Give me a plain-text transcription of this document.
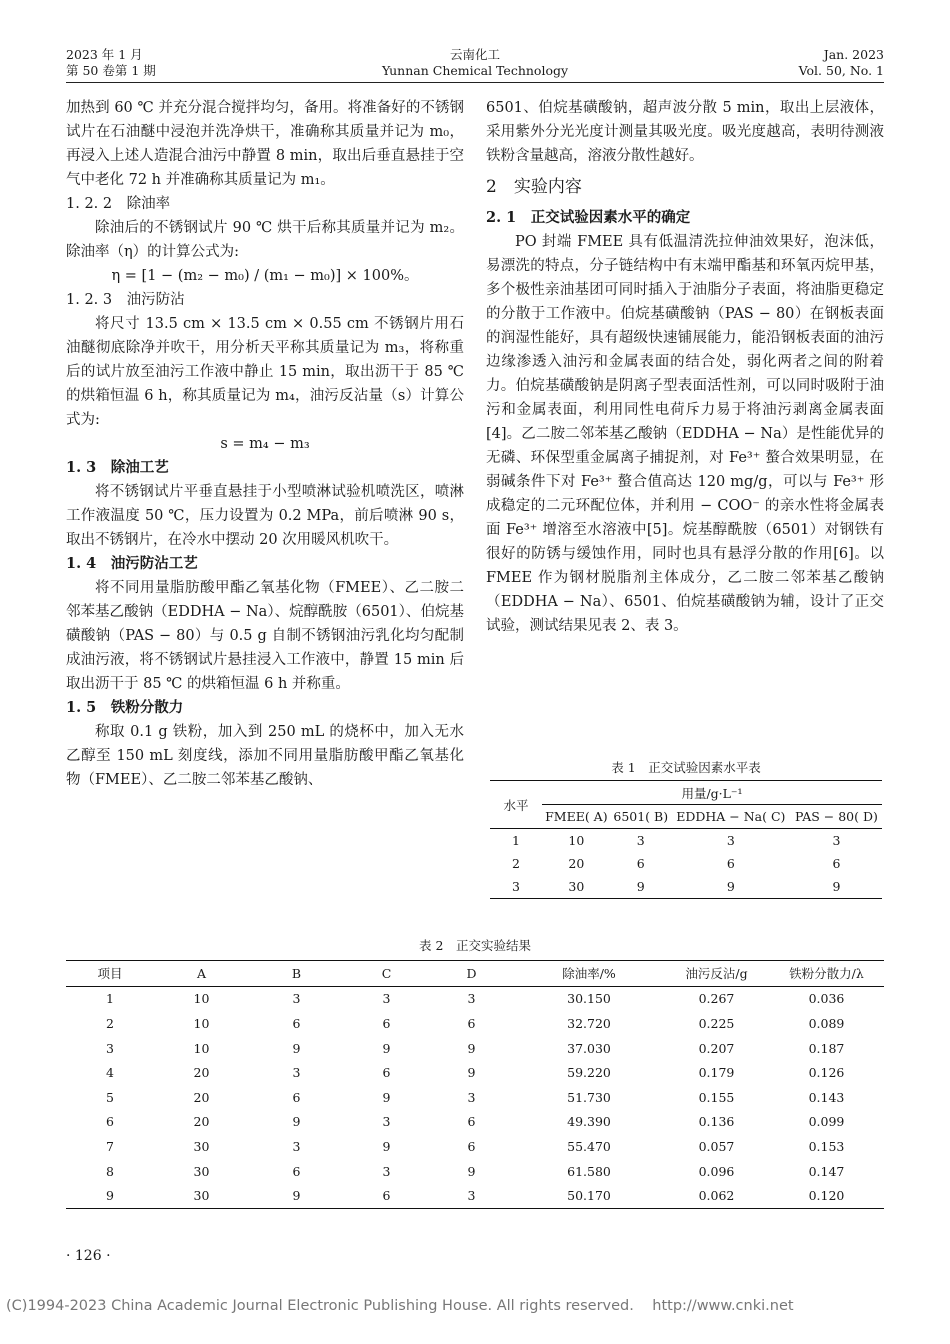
2023 年 1 月
第 50 卷第 1 期
云南化工
Yunnan Chemical Technology
Jan. 2023
Vol. 50, No. 1

加热到 60 ℃ 并充分混合搅拌均匀，备用。将准备好的不锈钢试片在石油醚中浸泡并洗净烘干，准确称其质量并记为 m₀，再浸入上述人造混合油污中静置 8 min，取出后垂直悬挂于空气中老化 72 h 并准确称其质量记为 m₁。

1. 2. 2　除油率

除油后的不锈钢试片 90 ℃ 烘干后称其质量并记为 m₂。除油率（η）的计算公式为:

η = [1 − (m₂ − m₀) / (m₁ − m₀)] × 100%。

1. 2. 3　油污防沾

将尺寸 13.5 cm × 13.5 cm × 0.55 cm 不锈钢片用石油醚彻底除净并吹干，用分析天平称其质量记为 m₃，将称重后的试片放至油污工作液中静止 15 min，取出沥干于 85 ℃ 的烘箱恒温 6 h，称其质量记为 m₄，油污反沾量（s）计算公式为:

s = m₄ − m₃

1. 3　除油工艺

将不锈钢试片平垂直悬挂于小型喷淋试验机喷洗区，喷淋工作液温度 50 ℃，压力设置为 0.2 MPa，前后喷淋 90 s，取出不锈钢片，在冷水中摆动 20 次用暖风机吹干。

1. 4　油污防沾工艺

将不同用量脂肪酸甲酯乙氧基化物（FMEE）、乙二胺二邻苯基乙酸钠（EDDHA − Na）、烷醇酰胺（6501）、伯烷基磺酸钠（PAS − 80）与 0.5 g 自制不锈钢油污乳化均匀配制成油污液，将不锈钢试片悬挂浸入工作液中，静置 15 min 后取出沥干于 85 ℃ 的烘箱恒温 6 h 并称重。

1. 5　铁粉分散力

称取 0.1 g 铁粉，加入到 250 mL 的烧杯中，加入无水乙醇至 150 mL 刻度线，添加不同用量脂肪酸甲酯乙氧基化物（FMEE）、乙二胺二邻苯基乙酸钠、

6501、伯烷基磺酸钠，超声波分散 5 min，取出上层液体，采用紫外分光光度计测量其吸光度。吸光度越高，表明待测液铁粉含量越高，溶液分散性越好。

2　实验内容

2. 1　正交试验因素水平的确定

PO 封端 FMEE 具有低温清洗拉伸油效果好，泡沫低，易漂洗的特点，分子链结构中有末端甲酯基和环氧丙烷甲基，多个极性亲油基团可同时插入于油脂分子表面，将油脂更稳定的分散于工作液中。伯烷基磺酸钠（PAS − 80）在钢板表面的润湿性能好，具有超级快速铺展能力，能沿钢板表面的油污边缘渗透入油污和金属表面的结合处，弱化两者之间的附着力。伯烷基磺酸钠是阴离子型表面活性剂，可以同时吸附于油污和金属表面，利用同性电荷斥力易于将油污剥离金属表面[4]。乙二胺二邻苯基乙酸钠（EDDHA − Na）是性能优异的无磷、环保型重金属离子捕捉剂，对 Fe³⁺ 螯合效果明显，在弱碱条件下对 Fe³⁺ 螯合值高达 120 mg/g，可以与 Fe³⁺ 形成稳定的二元环配位体，并利用 − COO⁻ 的亲水性将金属表面 Fe³⁺ 增溶至水溶液中[5]。烷基醇酰胺（6501）对钢铁有很好的防锈与缓蚀作用，同时也具有悬浮分散的作用[6]。以 FMEE 作为钢材脱脂剂主体成分，乙二胺二邻苯基乙酸钠（EDDHA − Na）、6501、伯烷基磺酸钠为辅，设计了正交试验，测试结果见表 2、表 3。

表 1　正交试验因素水平表
水平	用量/g·L⁻¹			
	FMEE( A)	6501( B)	EDDHA − Na( C)	PAS − 80( D)
1	10	3	3	3
2	20	6	6	6
3	30	9	9	9
表 2　正交实验结果
项目	A	B	C	D	除油率/%	油污反沾/g	铁粉分散力/λ
1	10	3	3	3	30.150	0.267	0.036
2	10	6	6	6	32.720	0.225	0.089
3	10	9	9	9	37.030	0.207	0.187
4	20	3	6	9	59.220	0.179	0.126
5	20	6	9	3	51.730	0.155	0.143
6	20	9	3	6	49.390	0.136	0.099
7	30	3	9	6	55.470	0.057	0.153
8	30	6	3	9	61.580	0.096	0.147
9	30	9	6	3	50.170	0.062	0.120
· 126 ·
(C)1994-2023 China Academic Journal Electronic Publishing House. All rights reserved.    http://www.cnki.net
